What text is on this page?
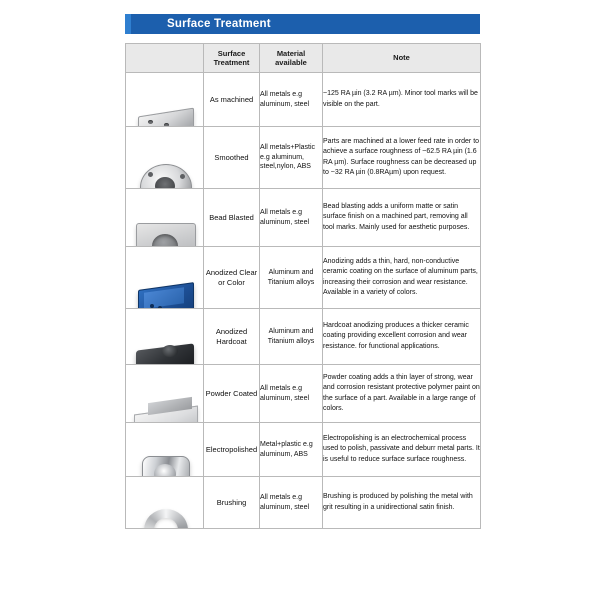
Surface Treatment
	Surface Treatment	Material available	Note

	As machined	All metals e.g aluminum, steel	~125 RA µin (3.2 RA µm). Minor tool marks will be visible on the part.

	Smoothed	All metals+Plastic e.g aluminum, steel,nylon, ABS	Parts are machined at a lower feed rate in order to achieve a surface roughness of ~62.5 RA µin (1.6 RA µm). Surface roughness can be decreased up to ~32 RA µin (0.8RAµm) upon request.

	Bead Blasted	All metals e.g aluminum, steel	Bead blasting adds a uniform matte or satin surface finish on a machined part, removing all tool marks. Mainly used for aesthetic purposes.

	Anodized Clear or Color	Aluminum and Titanium alloys	Anodizing adds a thin, hard, non-conductive ceramic coating on the surface of aluminum parts, increasing their corrosion and wear resistance. Available in a variety of colors.

	Anodized Hardcoat	Aluminum and Titanium alloys	Hardcoat anodizing produces a thicker ceramic coating providing excellent corrosion and wear resistance. for functional applications.

	Powder Coated	All metals e.g aluminum, steel	Powder coating adds a thin layer of strong, wear and corrosion resistant protective polymer paint on the surface of a part. Available in a large range of colors.

	Electropolished	Metal+plastic e.g aluminum, ABS	Electropolishing is an electrochemical process used to polish, passivate and deburr metal parts. It is useful to reduce surface surface roughness.

	Brushing	All metals e.g aluminum, steel	Brushing is produced by polishing the metal with grit resulting in a unidirectional satin finish.
